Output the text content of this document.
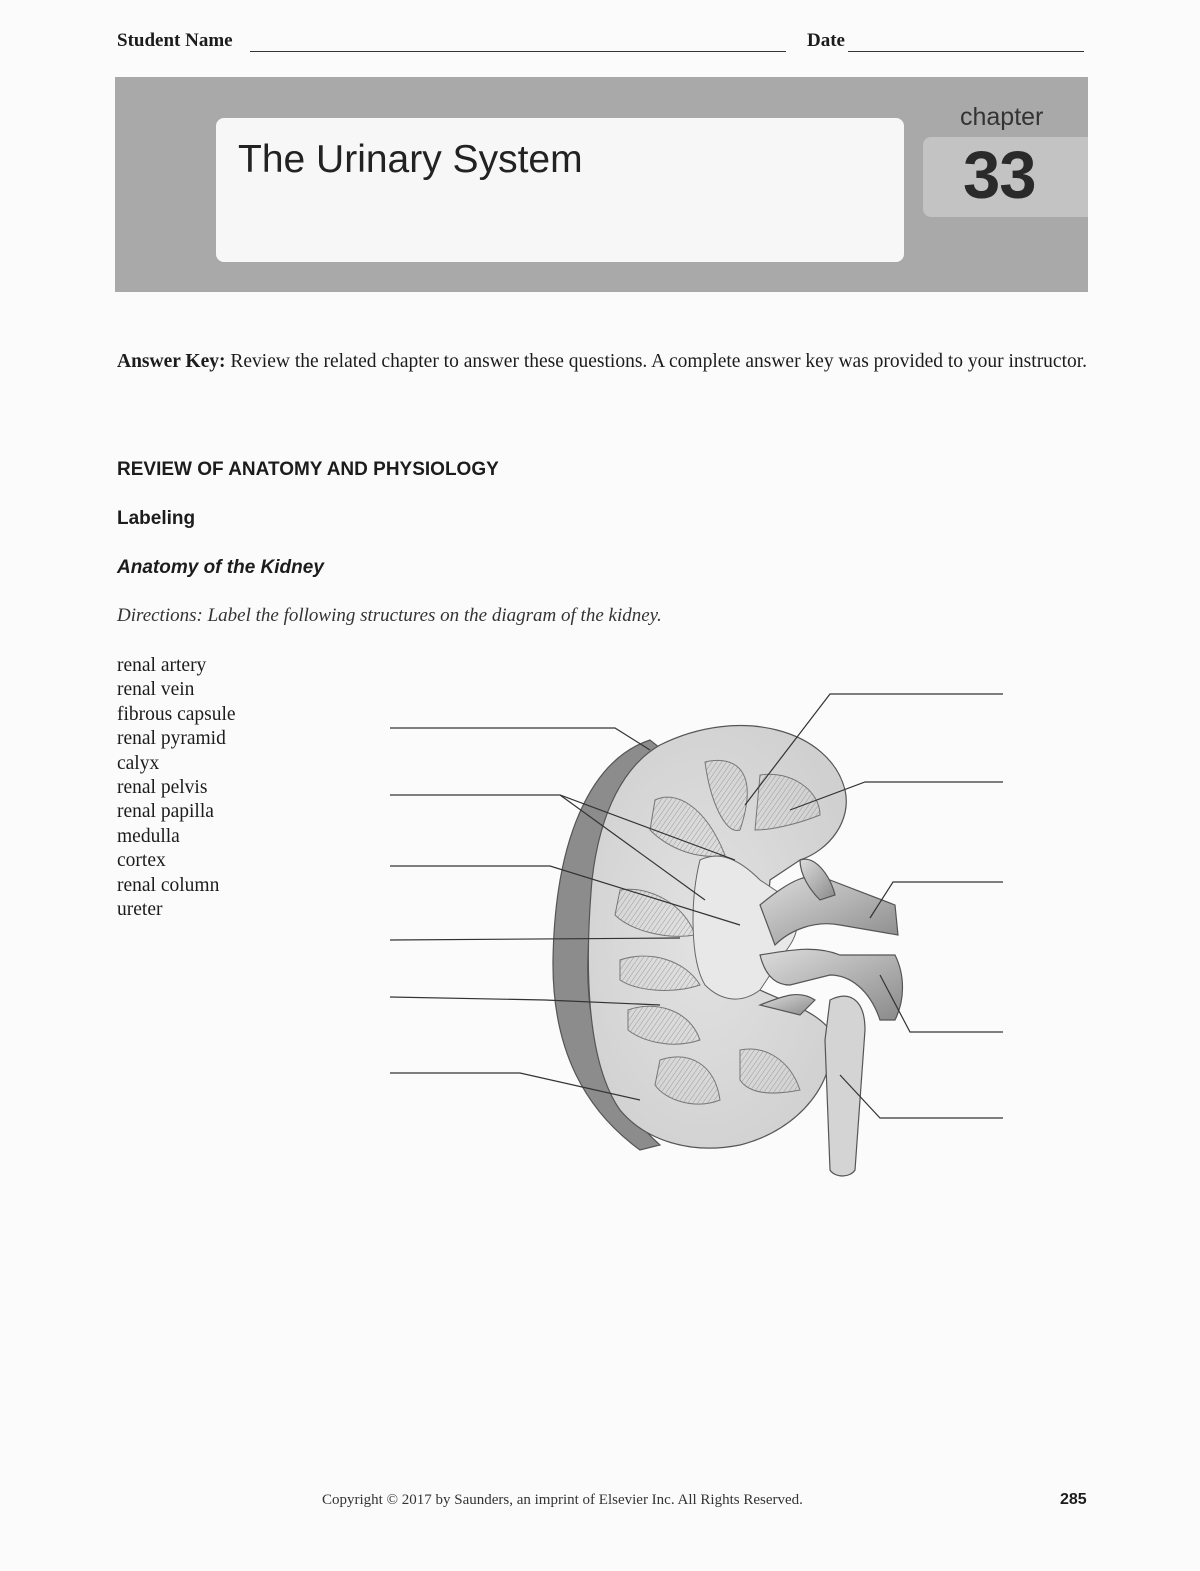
Student Name	Date
The Urinary System
chapter
33
Answer Key: Review the related chapter to answer these questions. A complete answer key was provided to your instructor.
REVIEW OF ANATOMY AND PHYSIOLOGY
Labeling
Anatomy of the Kidney
Directions: Label the following structures on the diagram of the kidney.
renal artery
renal vein
fibrous capsule
renal pyramid
calyx
renal pelvis
renal papilla
medulla
cortex
renal column
ureter
Copyright © 2017 by Saunders, an imprint of Elsevier Inc. All Rights Reserved.	285
